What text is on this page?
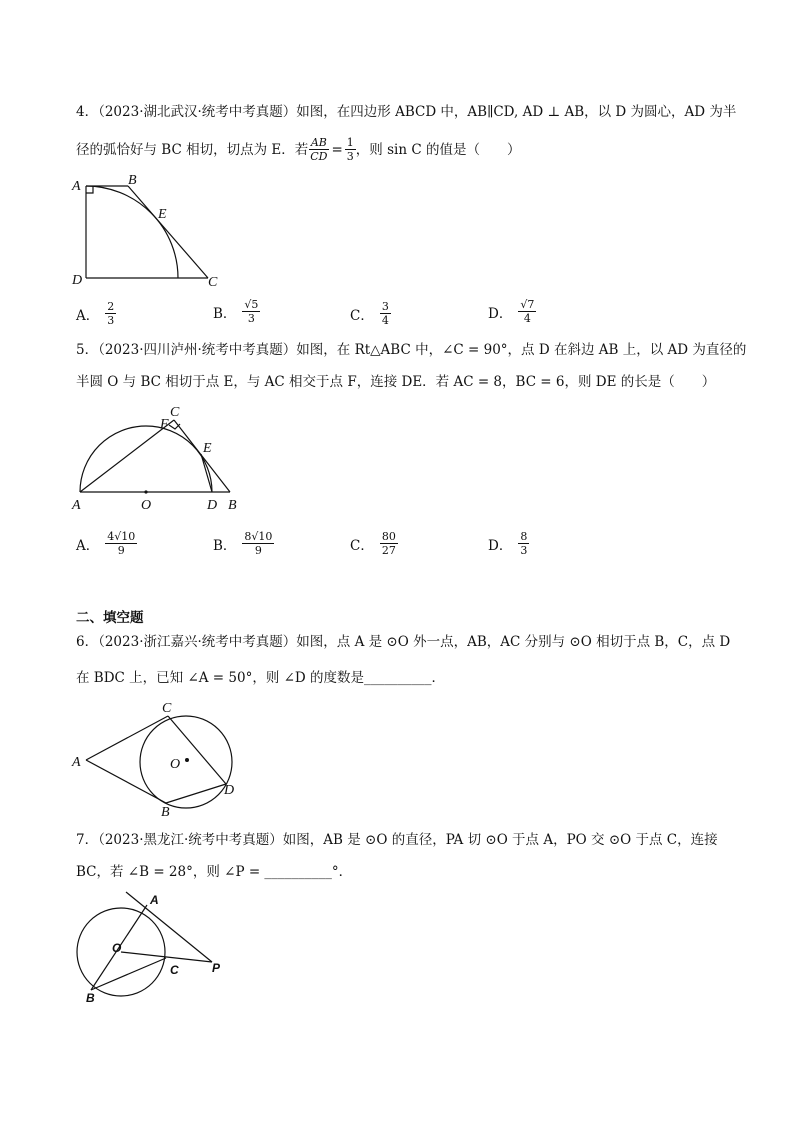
4．（2023·湖北武汉·统考中考真题）如图，在四边形 ABCD 中，AB∥CD, AD ⊥ AB，以 D 为圆心，AD 为半
径的弧恰好与 BC 相切，切点为 E．若 $\frac{AB}{CD} = \frac{1}{3}$ ，则 sin C 的值是（　　）
A	B
E
D	C
A． $\frac{2}{3}$	B． $\frac{√5}{3}$	C． $\frac{3}{4}$	D． $\frac{√7}{4}$
5．（2023·四川泸州·统考中考真题）如图，在 Rt△ABC 中，∠C = 90°，点 D 在斜边 AB 上，以 AD 为直径的
半圆 O 与 BC 相切于点 E，与 AC 相交于点 F，连接 DE．若 AC = 8，BC = 6，则 DE 的长是（　　）
C
F
E
A	O	D B
A． $\frac{4√10}{9}$	B． $\frac{8√10}{9}$	C． $\frac{80}{27}$	D． $\frac{8}{3}$
二、填空题
6．（2023·浙江嘉兴·统考中考真题）如图，点 A 是 ⊙O 外一点，AB，AC 分别与 ⊙O 相切于点 B，C，点 D
在 BDC 上，已知 ∠A = 50°，则 ∠D 的度数是__________．
C
A	O
D
B
7．（2023·黑龙江·统考中考真题）如图，AB 是 ⊙O 的直径，PA 切 ⊙O 于点 A，PO 交 ⊙O 于点 C，连接
BC，若 ∠B = 28°，则 ∠P = __________°．
A
O
C	P
B
